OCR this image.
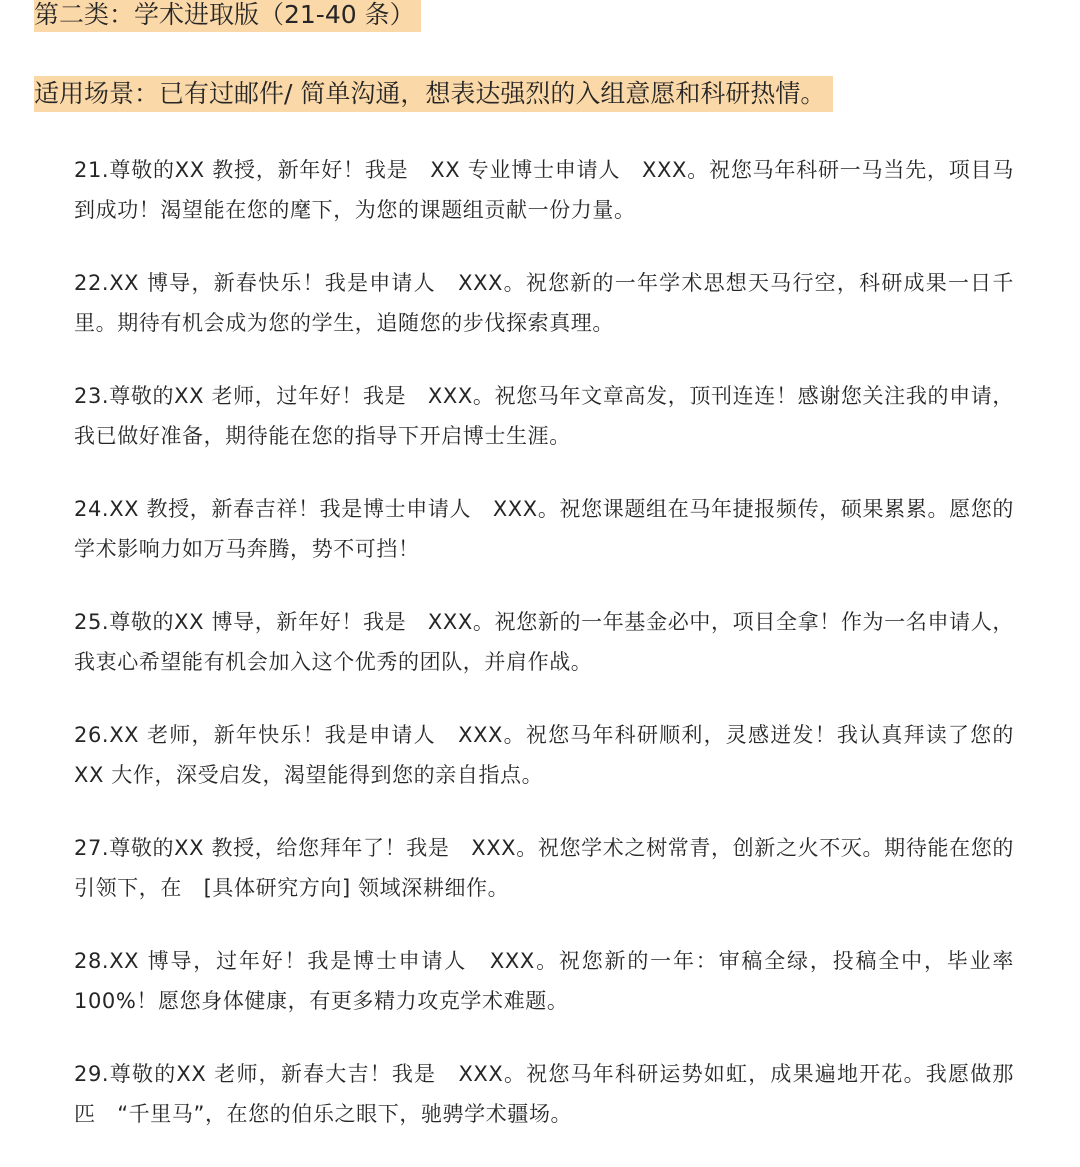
第二类：学术进取版（21-40 条）
适用场景：已有过邮件/ 简单沟通，想表达强烈的入组意愿和科研热情。
21.尊敬的XX 教授，新年好！我是　XX 专业博士申请人　XXX。祝您马年科研一马当先，项目马到成功！渴望能在您的麾下，为您的课题组贡献一份力量。
22.XX 博导，新春快乐！我是申请人　XXX。祝您新的一年学术思想天马行空，科研成果一日千里。期待有机会成为您的学生，追随您的步伐探索真理。
23.尊敬的XX 老师，过年好！我是　XXX。祝您马年文章高发，顶刊连连！感谢您关注我的申请，我已做好准备，期待能在您的指导下开启博士生涯。
24.XX 教授，新春吉祥！我是博士申请人　XXX。祝您课题组在马年捷报频传，硕果累累。愿您的学术影响力如万马奔腾，势不可挡！
25.尊敬的XX 博导，新年好！我是　XXX。祝您新的一年基金必中，项目全拿！作为一名申请人，我衷心希望能有机会加入这个优秀的团队，并肩作战。
26.XX 老师，新年快乐！我是申请人　XXX。祝您马年科研顺利，灵感迸发！我认真拜读了您的　XX 大作，深受启发，渴望能得到您的亲自指点。
27.尊敬的XX 教授，给您拜年了！我是　XXX。祝您学术之树常青，创新之火不灭。期待能在您的引领下，在　[具体研究方向] 领域深耕细作。
28.XX 博导，过年好！我是博士申请人　XXX。祝您新的一年：审稿全绿，投稿全中，毕业率　100%！愿您身体健康，有更多精力攻克学术难题。
29.尊敬的XX 老师，新春大吉！我是　XXX。祝您马年科研运势如虹，成果遍地开花。我愿做那匹　“千里马”，在您的伯乐之眼下，驰骋学术疆场。
